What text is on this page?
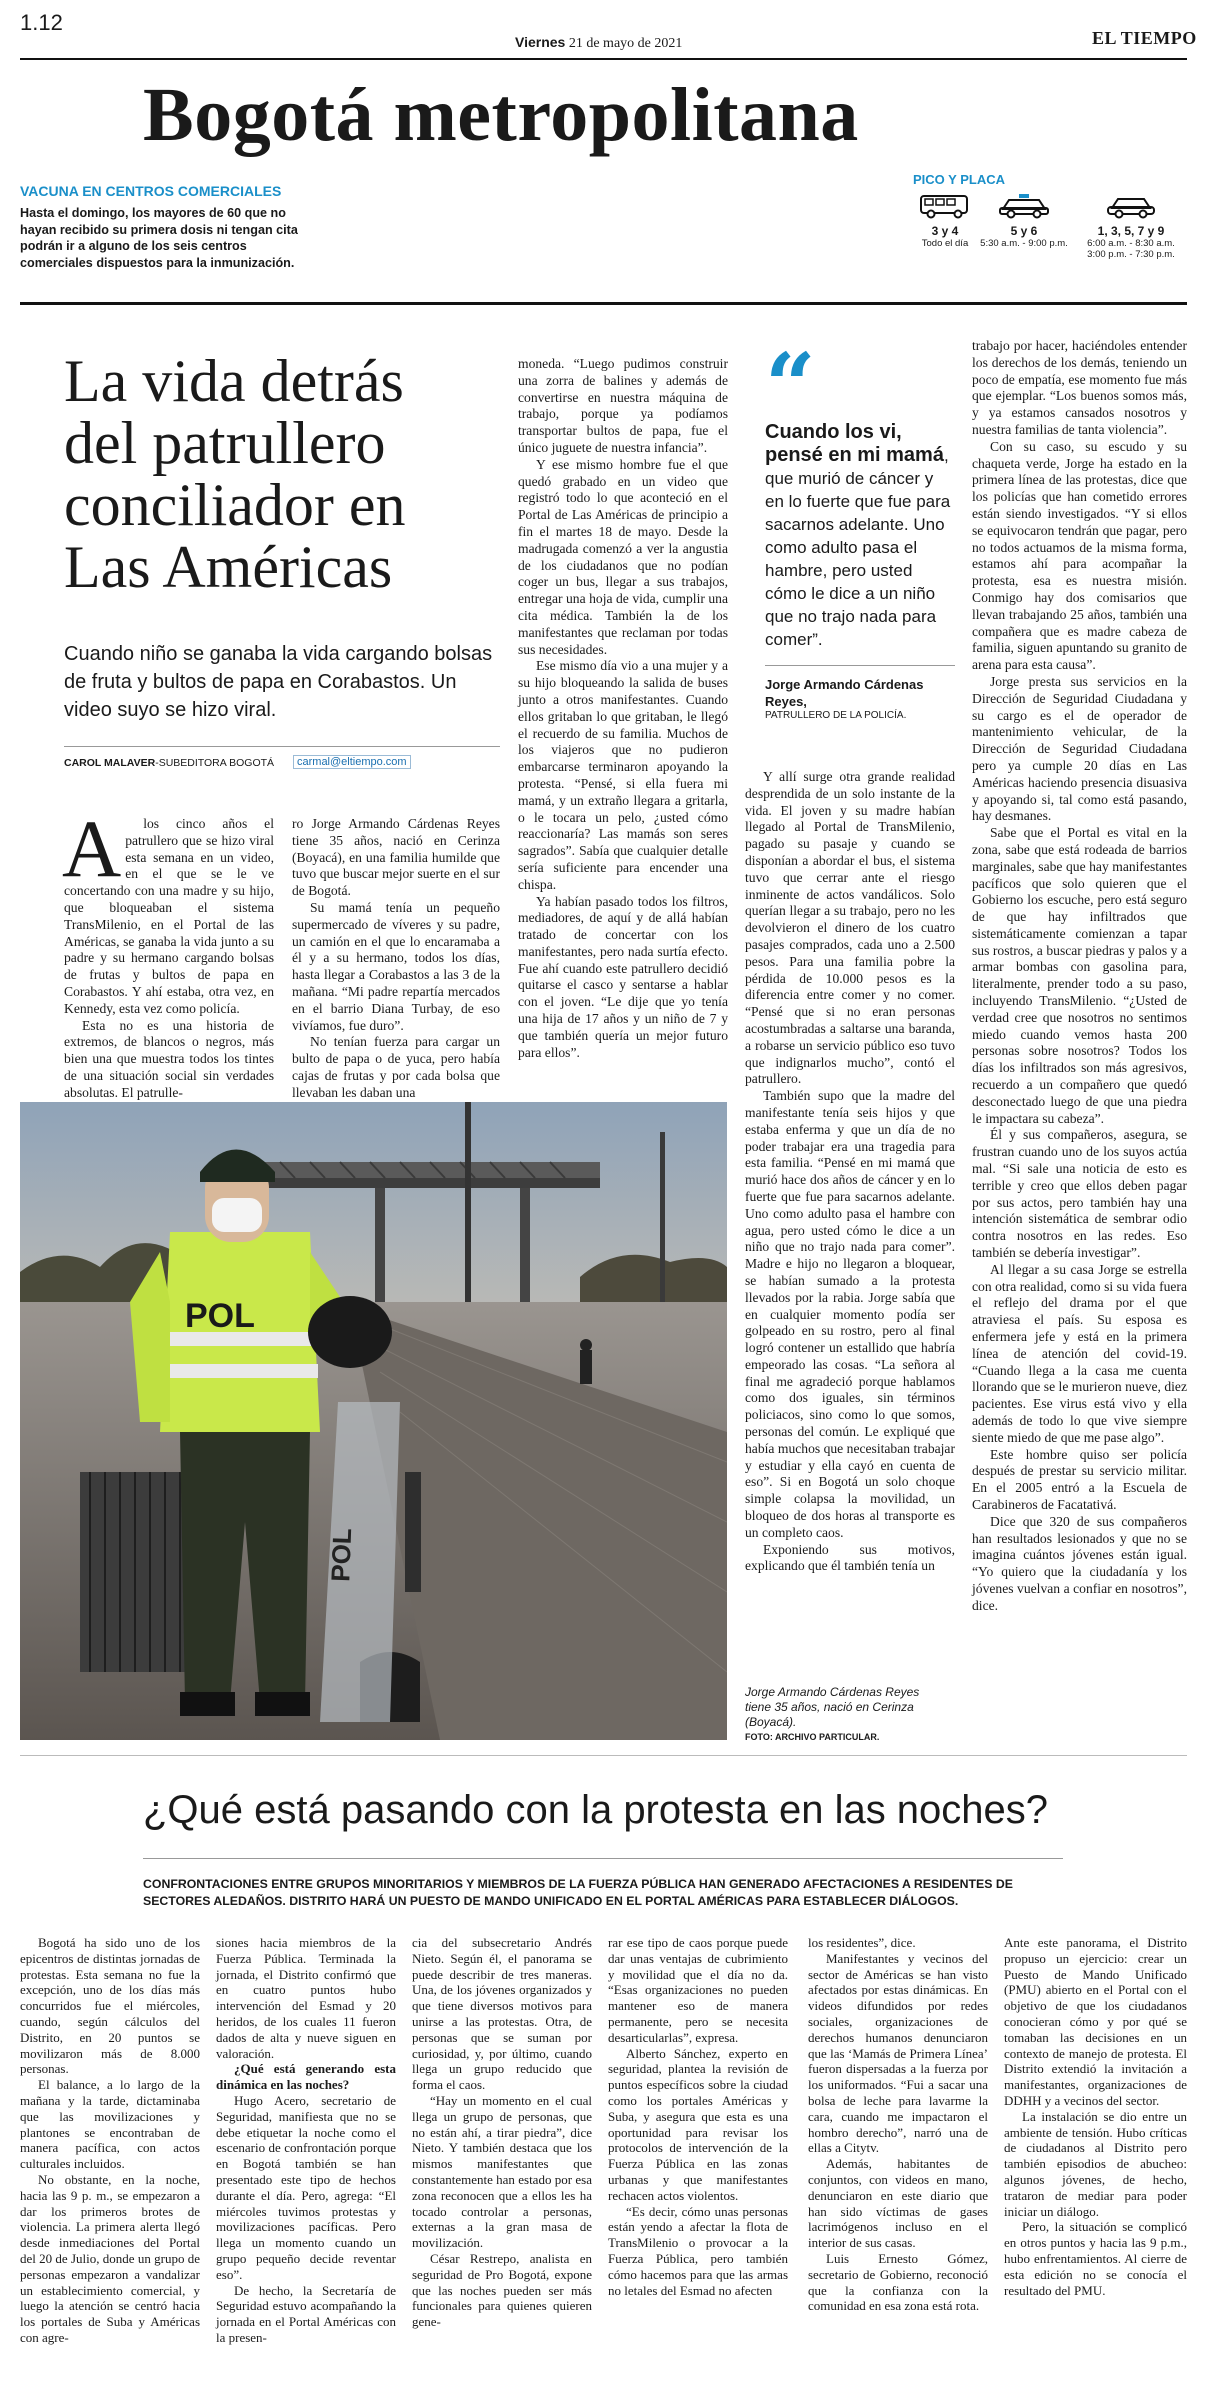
1.12
Viernes 21 de mayo de 2021	EL TIEMPO
Bogotá metropolitana
VACUNA EN CENTROS COMERCIALES
Hasta el domingo, los mayores de 60 que no hayan recibido su primera dosis ni tengan cita podrán ir a alguno de los seis centros comerciales dispuestos para la inmunización.
PICO Y PLACA
3 y 4
Todo el día
5 y 6
5:30 a.m. - 9:00 p.m.
1, 3, 5, 7 y 9
6:00 a.m. - 8:30 a.m.
3:00 p.m. - 7:30 p.m.
La vida detrás
del patrullero
conciliador en
Las Américas
Cuando niño se ganaba la vida cargando bolsas de fruta y bultos de papa en Corabastos. Un video suyo se hizo viral.
CAROL MALAVER-SUBEDITORA BOGOTÁ	carmal@eltiempo.com
A	los cinco años el patrullero que se hizo viral esta semana en un video, en el que se le ve concertando con una madre y su hijo, que bloqueaban el sistema TransMilenio, en el Portal de las Américas, se ganaba la vida junto a su padre y su hermano cargando bolsas de frutas y bultos de papa en Corabastos. Y ahí estaba, otra vez, en Kennedy, esta vez como policía.

Esta no es una historia de extremos, de blancos o negros, más bien una que muestra todos los tintes de una situación social sin verdades absolutas. El patrulle-

ro Jorge Armando Cárdenas Reyes tiene 35 años, nació en Cerinza (Boyacá), en una familia humilde que tuvo que buscar mejor suerte en el sur de Bogotá.

Su mamá tenía un pequeño supermercado de víveres y su padre, un camión en el que lo encaramaba a él y a su hermano, todos los días, hasta llegar a Corabastos a las 3 de la mañana. “Mi padre repartía mercados en el barrio Diana Turbay, de eso vivíamos, fue duro”.

No tenían fuerza para cargar un bulto de papa o de yuca, pero había cajas de frutas y por cada bolsa que llevaban les daban una

moneda. “Luego pudimos construir una zorra de balines y además de convertirse en nuestra máquina de trabajo, porque ya podíamos transportar bultos de papa, fue el único juguete de nuestra infancia”.

Y ese mismo hombre fue el que quedó grabado en un video que registró todo lo que aconteció en el Portal de Las Américas de principio a fin el martes 18 de mayo. Desde la madrugada comenzó a ver la angustia de los ciudadanos que no podían coger un bus, llegar a sus trabajos, entregar una hoja de vida, cumplir una cita médica. También la de los manifestantes que reclaman por todas sus necesidades.

Ese mismo día vio a una mujer y a su hijo bloqueando la salida de buses junto a otros manifestantes. Cuando ellos gritaban lo que gritaban, le llegó el recuerdo de su familia. Muchos de los viajeros que no pudieron embarcarse terminaron apoyando la protesta. “Pensé, si ella fuera mi mamá, y un extraño llegara a gritarla, o le tocara un pelo, ¿usted cómo reaccionaría? Las mamás son seres sagrados”. Sabía que cualquier detalle sería suficiente para encender una chispa.

Ya habían pasado todos los filtros, mediadores, de aquí y de allá habían tratado de concertar con los manifestantes, pero nada surtía efecto. Fue ahí cuando este patrullero decidió quitarse el casco y sentarse a hablar con el joven. “Le dije que yo tenía una hija de 17 años y un niño de 7 y que también quería un mejor futuro para ellos”.

“
Cuando los vi, pensé en mi mamá, que murió de cáncer y en lo fuerte que fue para sacarnos adelante. Uno como adulto pasa el hambre, pero usted cómo le dice a un niño que no trajo nada para comer”.
Jorge Armando Cárdenas Reyes,
PATRULLERO DE LA POLICÍA.

Y allí surge otra grande realidad desprendida de un solo instante de la vida. El joven y su madre habían llegado al Portal de TransMilenio, pagado su pasaje y cuando se disponían a abordar el bus, el sistema tuvo que cerrar ante el riesgo inminente de actos vandálicos. Solo querían llegar a su trabajo, pero no les devolvieron el dinero de los cuatro pasajes comprados, cada uno a 2.500 pesos. Para una familia pobre la pérdida de 10.000 pesos es la diferencia entre comer y no comer. “Pensé que si no eran personas acostumbradas a saltarse una baranda, a robarse un servicio público eso tuvo que indignarlos mucho”, contó el patrullero.

También supo que la madre del manifestante tenía seis hijos y que estaba enferma y que un día de no poder trabajar era una tragedia para esta familia. “Pensé en mi mamá que murió hace dos años de cáncer y en lo fuerte que fue para sacarnos adelante. Uno como adulto pasa el hambre con agua, pero usted cómo le dice a un niño que no trajo nada para comer”. Madre e hijo no llegaron a bloquear, se habían sumado a la protesta llevados por la rabia. Jorge sabía que en cualquier momento podía ser golpeado en su rostro, pero al final logró contener un estallido que habría empeorado las cosas. “La señora al final me agradeció porque hablamos como dos iguales, sin términos policiacos, sino como lo que somos, personas del común. Le expliqué que había muchos que necesitaban trabajar y estudiar y ella cayó en cuenta de eso”. Si en Bogotá un solo choque simple colapsa la movilidad, un bloqueo de dos horas al transporte es un completo caos.

Exponiendo sus motivos, explicando que él también tenía un

trabajo por hacer, haciéndoles entender los derechos de los demás, teniendo un poco de empatía, ese momento fue más que ejemplar. “Los buenos somos más, y ya estamos cansados nosotros y nuestra familias de tanta violencia”.

Con su caso, su escudo y su chaqueta verde, Jorge ha estado en la primera línea de las protestas, dice que los policías que han cometido errores están siendo investigados. “Y si ellos se equivocaron tendrán que pagar, pero no todos actuamos de la misma forma, estamos ahí para acompañar la protesta, esa es nuestra misión. Conmigo hay dos comisarios que llevan trabajando 25 años, también una compañera que es madre cabeza de familia, siguen apuntando su granito de arena para esta causa”.

Jorge presta sus servicios en la Dirección de Seguridad Ciudadana y su cargo es el de operador de mantenimiento vehicular, de la Dirección de Seguridad Ciudadana pero ya cumple 20 días en Las Américas haciendo presencia disuasiva y apoyando si, tal como está pasando, hay desmanes.

Sabe que el Portal es vital en la zona, sabe que está rodeada de barrios marginales, sabe que hay manifestantes pacíficos que solo quieren que el Gobierno los escuche, pero está seguro de que hay infiltrados que sistemáticamente comienzan a tapar sus rostros, a buscar piedras y palos y a armar bombas con gasolina para, literalmente, prender todo a su paso, incluyendo TransMilenio. “¿Usted de verdad cree que nosotros no sentimos miedo cuando vemos hasta 200 personas sobre nosotros? Todos los días los infiltrados son más agresivos, recuerdo a un compañero que quedó desconectado luego de que una piedra le impactara su cabeza”.

Él y sus compañeros, asegura, se frustran cuando uno de los suyos actúa mal. “Si sale una noticia de esto es terrible y creo que ellos deben pagar por sus actos, pero también hay una intención sistemática de sembrar odio contra nosotros en las redes. Eso también se debería investigar”.

Al llegar a su casa Jorge se estrella con otra realidad, como si su vida fuera el reflejo del drama por el que atraviesa el país. Su esposa es enfermera jefe y está en la primera línea de atención del covid-19. “Cuando llega a la casa me cuenta llorando que se le murieron nueve, diez pacientes. Ese virus está vivo y ella además de todo lo que vive siempre siente miedo de que me pase algo”.

Este hombre quiso ser policía después de prestar su servicio militar. En el 2005 entró a la Escuela de Carabineros de Facatativá.

Dice que 320 de sus compañeros han resultados lesionados y que no se imagina cuántos jóvenes están igual. “Yo quiero que la ciudadanía y los jóvenes vuelvan a confiar en nosotros”, dice.

POL
POL
Jorge Armando Cárdenas Reyes tiene 35 años, nació en Cerinza (Boyacá).
FOTO: ARCHIVO PARTICULAR.
¿Qué está pasando con la protesta en las noches?
CONFRONTACIONES ENTRE GRUPOS MINORITARIOS Y MIEMBROS DE LA FUERZA PÚBLICA HAN GENERADO AFECTACIONES A RESIDENTES DE SECTORES ALEDAÑOS. DISTRITO HARÁ UN PUESTO DE MANDO UNIFICADO EN EL PORTAL AMÉRICAS PARA ESTABLECER DIÁLOGOS.

Bogotá ha sido uno de los epicentros de distintas jornadas de protestas. Esta semana no fue la excepción, uno de los días más concurridos fue el miércoles, cuando, según cálculos del Distrito, en 20 puntos se movilizaron más de 8.000 personas.

El balance, a lo largo de la mañana y la tarde, dictaminaba que las movilizaciones y plantones se encontraban de manera pacífica, con actos culturales incluidos.

No obstante, en la noche, hacia las 9 p. m., se empezaron a dar los primeros brotes de violencia. La primera alerta llegó desde inmediaciones del Portal del 20 de Julio, donde un grupo de personas empezaron a vandalizar un establecimiento comercial, y luego la atención se centró hacia los portales de Suba y Américas con agre-

siones hacia miembros de la Fuerza Pública. Terminada la jornada, el Distrito confirmó que en cuatro puntos hubo intervención del Esmad y 20 heridos, de los cuales 11 fueron dados de alta y nueve siguen en valoración.

¿Qué está generando esta dinámica en las noches?

Hugo Acero, secretario de Seguridad, manifiesta que no se debe etiquetar la noche como el escenario de confrontación porque en Bogotá también se han presentado este tipo de hechos durante el día. Pero, agrega: “El miércoles tuvimos protestas y movilizaciones pacíficas. Pero llega un momento cuando un grupo pequeño decide reventar eso”.

De hecho, la Secretaría de Seguridad estuvo acompañando la jornada en el Portal Américas con la presen-

cia del subsecretario Andrés Nieto. Según él, el panorama se puede describir de tres maneras. Una, de los jóvenes organizados y que tiene diversos motivos para unirse a las protestas. Otra, de personas que se suman por curiosidad, y, por último, cuando llega un grupo reducido que forma el caos.

“Hay un momento en el cual llega un grupo de personas, que no están ahí, a tirar piedra”, dice Nieto. Y también destaca que los mismos manifestantes que constantemente han estado por esa zona reconocen que a ellos les ha tocado controlar a personas, externas a la gran masa de movilización.

César Restrepo, analista en seguridad de Pro Bogotá, expone que las noches pueden ser más funcionales para quienes quieren gene-

rar ese tipo de caos porque puede dar unas ventajas de cubrimiento y movilidad que el día no da. “Esas organizaciones no pueden mantener eso de manera permanente, pero se necesita desarticularlas”, expresa.

Alberto Sánchez, experto en seguridad, plantea la revisión de puntos específicos sobre la ciudad como los portales Américas y Suba, y asegura que esta es una oportunidad para revisar los protocolos de intervención de la Fuerza Pública en las zonas urbanas y que manifestantes rechacen actos violentos.

“Es decir, cómo unas personas están yendo a afectar la flota de TransMilenio o provocar a la Fuerza Pública, pero también cómo hacemos para que las armas no letales del Esmad no afecten

los residentes”, dice.

Manifestantes y vecinos del sector de Américas se han visto afectados por estas dinámicas. En videos difundidos por redes sociales, organizaciones de derechos humanos denunciaron que las ‘Mamás de Primera Línea’ fueron dispersadas a la fuerza por los uniformados. “Fui a sacar una bolsa de leche para lavarme la cara, cuando me impactaron el hombro derecho”, narró una de ellas a Citytv.

Además, habitantes de conjuntos, con videos en mano, denunciaron en este diario que han sido víctimas de gases lacrimógenos incluso en el interior de sus casas.

Luis Ernesto Gómez, secretario de Gobierno, reconoció que la confianza con la comunidad en esa zona está rota.

Ante este panorama, el Distrito propuso un ejercicio: crear un Puesto de Mando Unificado (PMU) abierto en el Portal con el objetivo de que los ciudadanos conocieran cómo y por qué se tomaban las decisiones en un contexto de manejo de protesta. El Distrito extendió la invitación a manifestantes, organizaciones de DDHH y a vecinos del sector.

La instalación se dio entre un ambiente de tensión. Hubo críticas de ciudadanos al Distrito pero también episodios de abucheo: algunos jóvenes, de hecho, trataron de mediar para poder iniciar un diálogo.

Pero, la situación se complicó en otros puntos y hacia las 9 p.m., hubo enfrentamientos. Al cierre de esta edición no se conocía el resultado del PMU.
